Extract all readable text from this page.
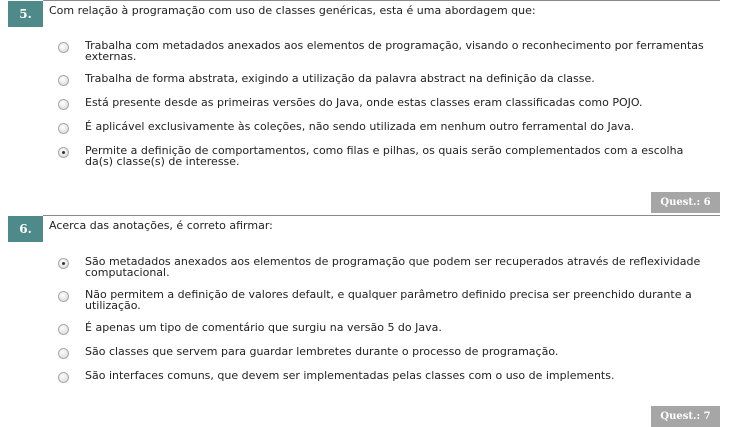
5.	Com relação à programação com uso de classes genéricas, esta é uma abordagem que:
Trabalha com metadados anexados aos elementos de programação, visando o reconhecimento por ferramentas externas.
Trabalha de forma abstrata, exigindo a utilização da palavra abstract na definição da classe.
Está presente desde as primeiras versões do Java, onde estas classes eram classificadas como POJO.
É aplicável exclusivamente às coleções, não sendo utilizada em nenhum outro ferramental do Java.
Permite a definição de comportamentos, como filas e pilhas, os quais serão complementados com a escolha da(s) classe(s) de interesse.
Quest.: 6
6.	Acerca das anotações, é correto afirmar:
São metadados anexados aos elementos de programação que podem ser recuperados através de reflexividade computacional.
Não permitem a definição de valores default, e qualquer parâmetro definido precisa ser preenchido durante a utilização.
É apenas um tipo de comentário que surgiu na versão 5 do Java.
São classes que servem para guardar lembretes durante o processo de programação.
São interfaces comuns, que devem ser implementadas pelas classes com o uso de implements.
Quest.: 7
